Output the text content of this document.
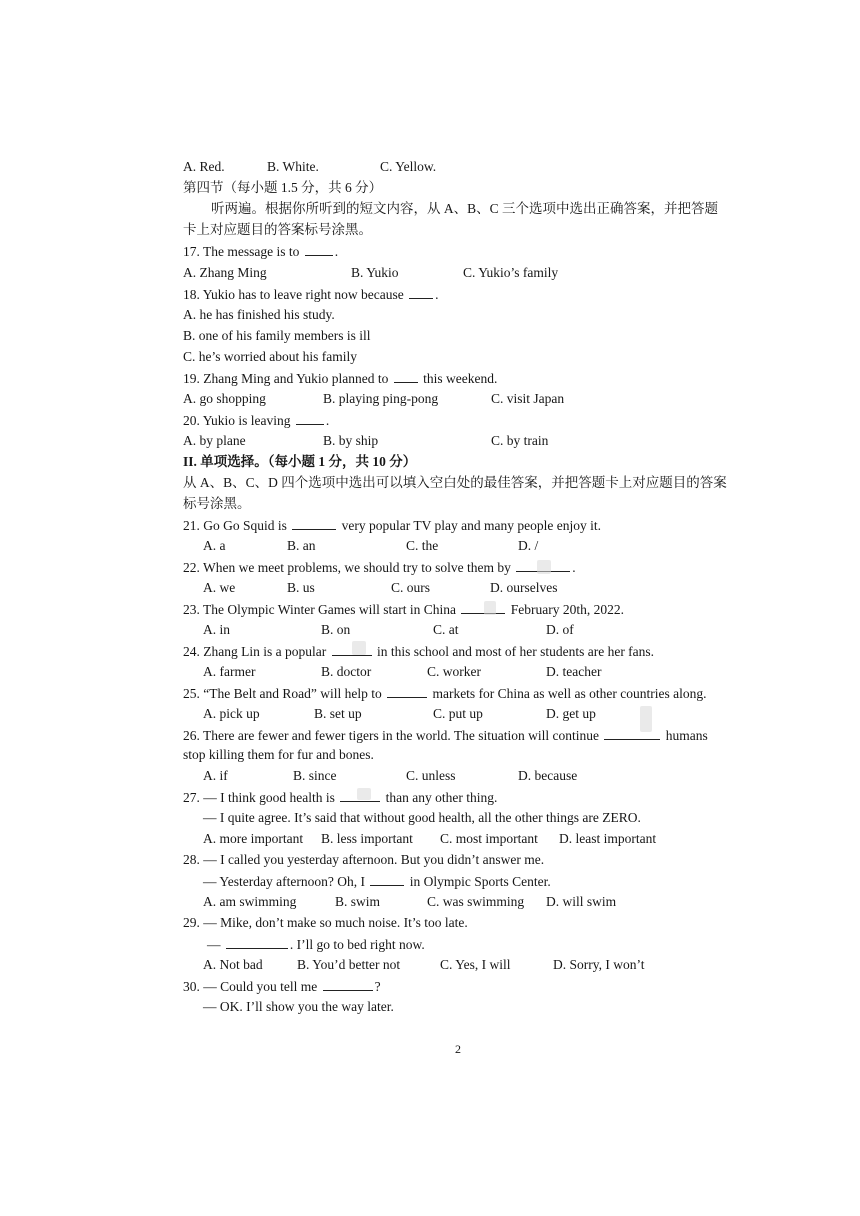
A. Red.	B. White.	C. Yellow.
第四节（每小题 1.5 分，共 6 分）
听两遍。根据你所听到的短文内容，从 A、B、C 三个选项中选出正确答案，并把答题
卡上对应题目的答案标号涂黑。
17. The message is to	.
A. Zhang Ming	B. Yukio	C. Yukio’s family
18. Yukio has to leave right now because .
A. he has finished his study.
B. one of his family members is ill
C. he’s worried about his family
19. Zhang Ming and Yukio planned to	this weekend.
A. go shopping	B. playing ping-pong	C. visit Japan
20. Yukio is leaving	.
A. by plane	B. by ship	C. by train
II. 单项选择。（每小题 1 分，共 10 分）
从 A、B、C、D 四个选项中选出可以填入空白处的最佳答案，并把答题卡上对应题目的答案
标号涂黑。
21. Go Go Squid is	very popular TV play and many people enjoy it.
A. a	B. an	C. the	D. /
22. When we meet problems, we should try to solve them by	.
A. we	B. us	C. ours	D. ourselves
23. The Olympic Winter Games will start in China	February 20th, 2022.
A. in	B. on	C. at	D. of
24. Zhang Lin is a popular	in this school and most of her students are her fans.
A. farmer	B. doctor	C. worker	D. teacher
25. “The Belt and Road” will help to	markets for China as well as other countries along.
A. pick up	B. set up	C. put up	D. get up
26. There are fewer and fewer tigers in the world. The situation will continue	humans
stop killing them for fur and bones.
A. if	B. since	C. unless	D. because
27. — I think good health is	than any other thing.
— I quite agree. It’s said that without good health, all the other things are ZERO.
A. more important B. less important C. most important D. least important
28. — I called you yesterday afternoon. But you didn’t answer me.
— Yesterday afternoon? Oh, I	in Olympic Sports Center.
A. am swimming	B. swim	C. was swimming D. will swim
29. — Mike, don’t make so much noise. It’s too late.
—	. I’ll go to bed right now.
A. Not bad	B. You’d better not	C. Yes, I will	D. Sorry, I won’t
30. — Could you tell me	?
— OK. I’ll show you the way later.
2
